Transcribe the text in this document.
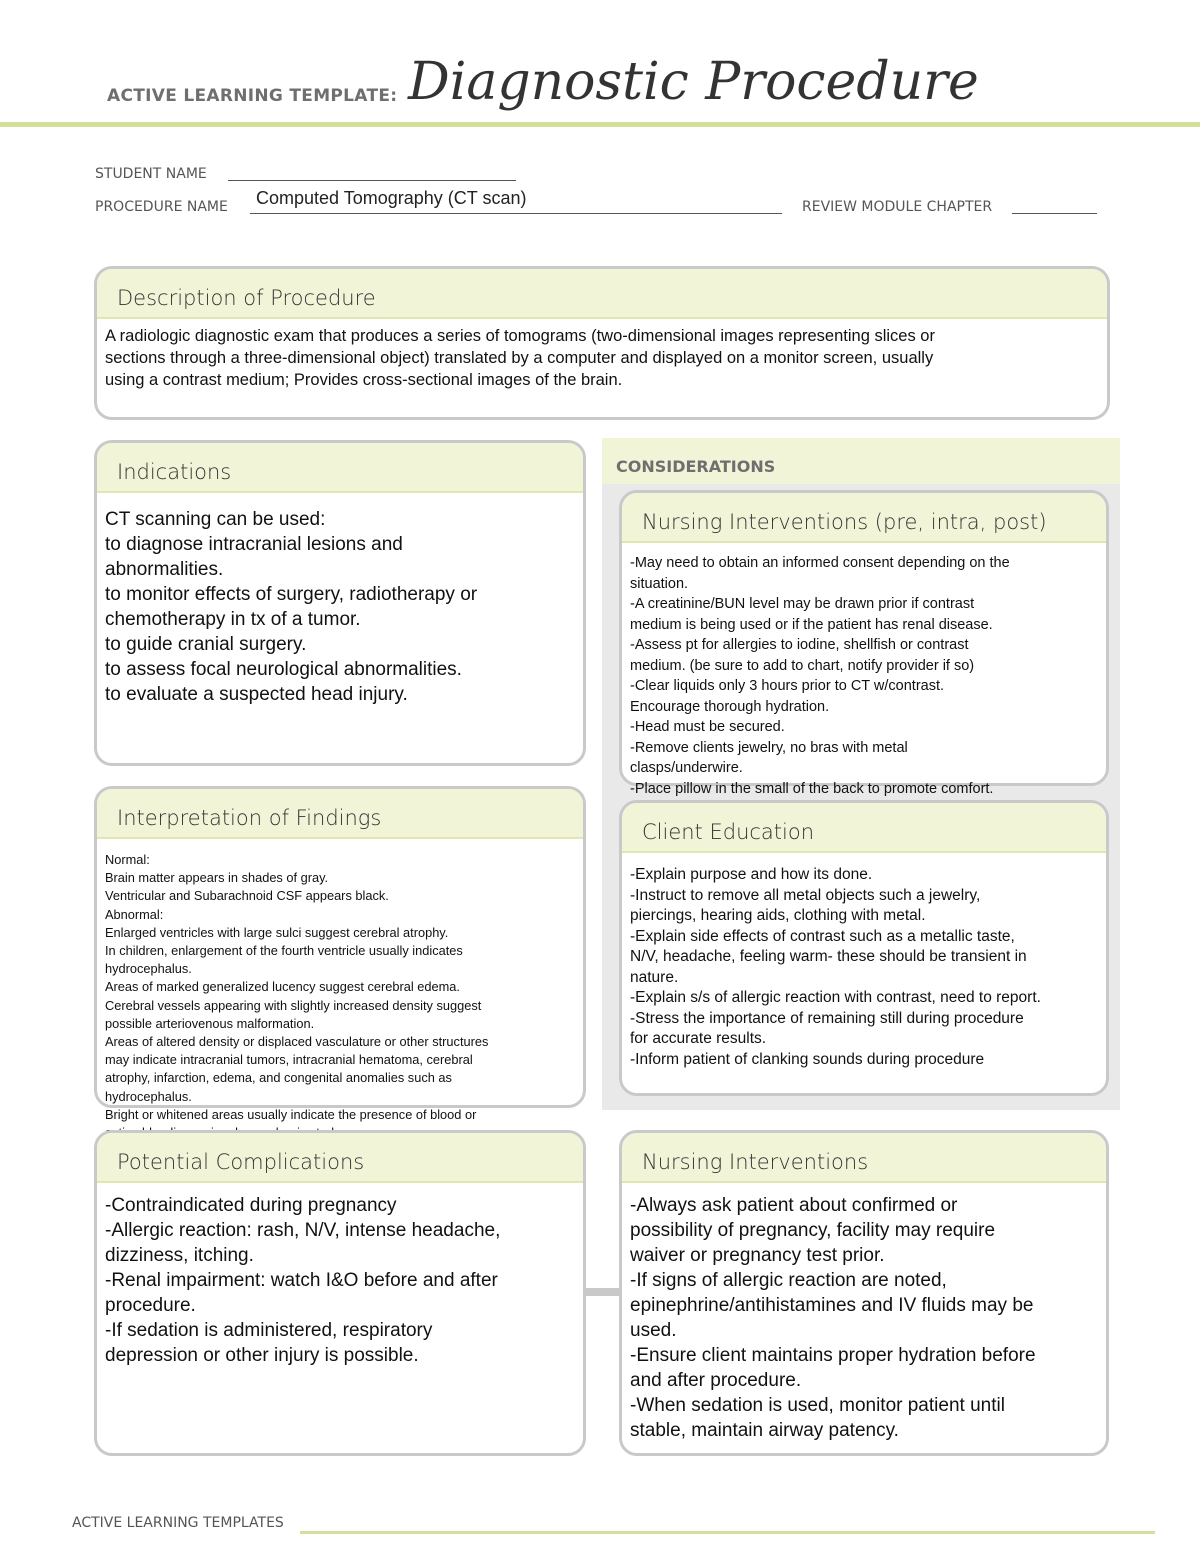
ACTIVE LEARNING TEMPLATE: Diagnostic Procedure
STUDENT NAME
PROCEDURE NAME Computed Tomography (CT scan)	REVIEW MODULE CHAPTER
Description of Procedure
A radiologic diagnostic exam that produces a series of tomograms (two-dimensional images representing slices or
sections through a three-dimensional object) translated by a computer and displayed on a monitor screen, usually
using a contrast medium; Provides cross-sectional images of the brain.
Indications
CT scanning can be used:
to diagnose intracranial lesions and
abnormalities.
to monitor effects of surgery, radiotherapy or
chemotherapy in tx of a tumor.
to guide cranial surgery.
to assess focal neurological abnormalities.
to evaluate a suspected head injury.
CONSIDERATIONS
Nursing Interventions (pre, intra, post)
-May need to obtain an informed consent depending on the
situation.
-A creatinine/BUN level may be drawn prior if contrast
medium is being used or if the patient has renal disease.
-Assess pt for allergies to iodine, shellfish or contrast
medium. (be sure to add to chart, notify provider if so)
-Clear liquids only 3 hours prior to CT w/contrast.
Encourage thorough hydration.
-Head must be secured.
-Remove clients jewelry, no bras with metal
clasps/underwire.
-Place pillow in the small of the back to promote comfort.
Interpretation of Findings
Normal:
Brain matter appears in shades of gray.
Ventricular and Subarachnoid CSF appears black.
Abnormal:
Enlarged ventricles with large sulci suggest cerebral atrophy.
In children, enlargement of the fourth ventricle usually indicates
hydrocephalus.
Areas of marked generalized lucency suggest cerebral edema.
Cerebral vessels appearing with slightly increased density suggest
possible arteriovenous malformation.
Areas of altered density or displaced vasculature or other structures
may indicate intracranial tumors, intracranial hematoma, cerebral
atrophy, infarction, edema, and congenital anomalies such as
hydrocephalus.
Bright or whitened areas usually indicate the presence of blood or
Client Education
-Explain purpose and how its done.
-Instruct to remove all metal objects such a jewelry,
piercings, hearing aids, clothing with metal.
-Explain side effects of contrast such as a metallic taste,
N/V, headache, feeling warm- these should be transient in
nature.
-Explain s/s of allergic reaction with contrast, need to report.
-Stress the importance of remaining still during procedure
for accurate results.
-Inform patient of clanking sounds during procedure
Potential Complications
-Contraindicated during pregnancy
-Allergic reaction: rash, N/V, intense headache,
dizziness, itching.
-Renal impairment: watch I&O before and after
procedure.
-If sedation is administered, respiratory
depression or other injury is possible.
Nursing Interventions
-Always ask patient about confirmed or
possibility of pregnancy, facility may require
waiver or pregnancy test prior.
-If signs of allergic reaction are noted,
epinephrine/antihistamines and IV fluids may be
used.
-Ensure client maintains proper hydration before
and after procedure.
-When sedation is used, monitor patient until
stable, maintain airway patency.
ACTIVE LEARNING TEMPLATES
